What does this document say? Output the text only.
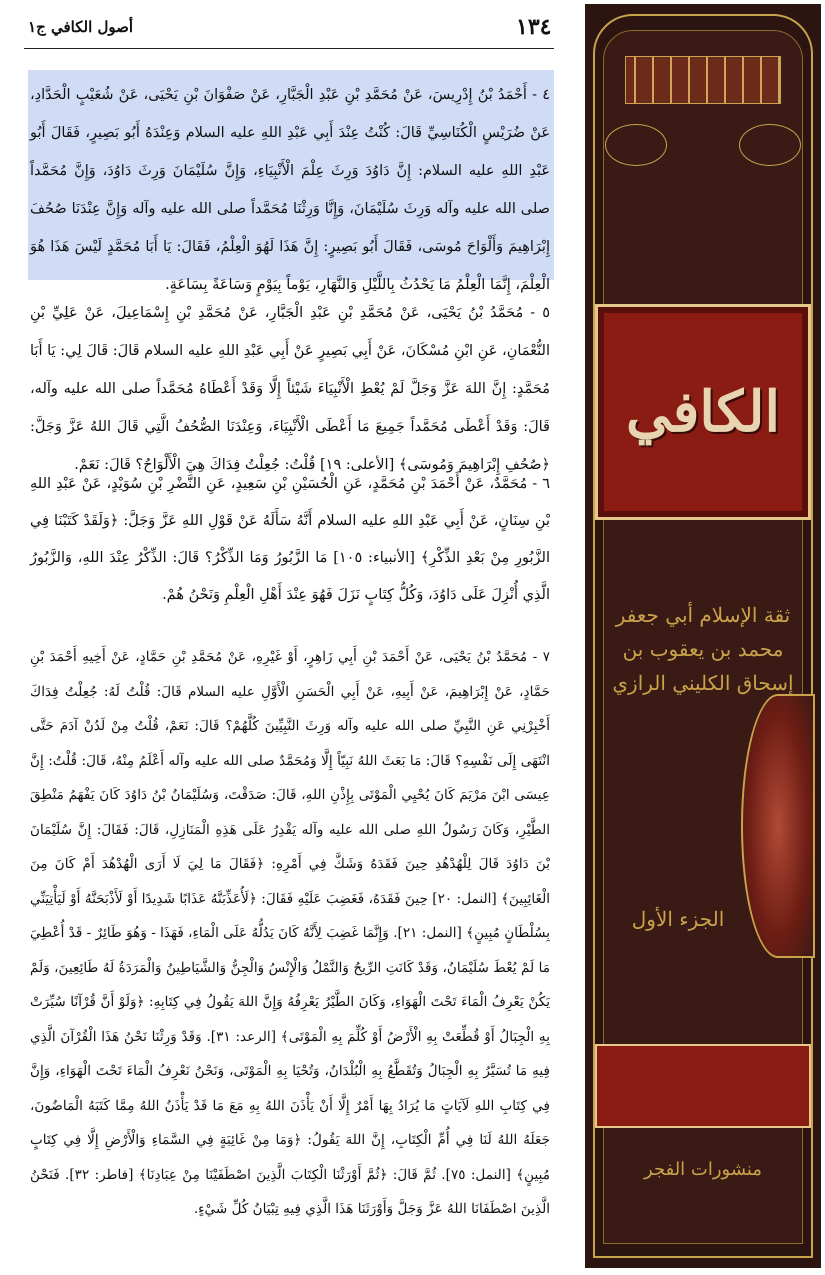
١٣٤
أصول الكافي ج١

٤ - أَحْمَدُ بْنُ إِدْرِيسَ، عَنْ مُحَمَّدِ بْنِ عَبْدِ الْجَبَّارِ، عَنْ صَفْوَانَ بْنِ يَحْيَى، عَنْ شُعَيْبٍ الْحَدَّادِ، عَنْ ضُرَيْسٍ الْكُنَاسِيِّ قَالَ: كُنْتُ عِنْدَ أَبِي عَبْدِ اللهِ عليه السلام وَعِنْدَهُ أَبُو بَصِيرٍ، فَقَالَ أَبُو عَبْدِ اللهِ عليه السلام: إِنَّ دَاوُدَ وَرِثَ عِلْمَ الْأَنْبِيَاءِ، وَإِنَّ سُلَيْمَانَ وَرِثَ دَاوُدَ، وَإِنَّ مُحَمَّداً صلى الله عليه وآله وَرِثَ سُلَيْمَانَ، وَإِنَّا وَرِثْنَا مُحَمَّداً صلى الله عليه وآله وَإِنَّ عِنْدَنَا صُحُفَ إِبْرَاهِيمَ وَأَلْوَاحَ مُوسَى، فَقَالَ أَبُو بَصِيرٍ: إِنَّ هَذَا لَهُوَ الْعِلْمُ، فَقَالَ: يَا أَبَا مُحَمَّدٍ لَيْسَ هَذَا هُوَ الْعِلْمَ، إِنَّمَا الْعِلْمُ مَا يَحْدُثُ بِاللَّيْلِ وَالنَّهَارِ، يَوْماً بِيَوْمٍ وَسَاعَةً بِسَاعَةٍ.

٥ - مُحَمَّدُ بْنُ يَحْيَى، عَنْ مُحَمَّدِ بْنِ عَبْدِ الْجَبَّارِ، عَنْ مُحَمَّدِ بْنِ إِسْمَاعِيلَ، عَنْ عَلِيِّ بْنِ النُّعْمَانِ، عَنِ ابْنِ مُسْكَانَ، عَنْ أَبِي بَصِيرٍ عَنْ أَبِي عَبْدِ اللهِ عليه السلام قَالَ: قَالَ لِي: يَا أَبَا مُحَمَّدٍ: إِنَّ اللهَ عَزَّ وَجَلَّ لَمْ يُعْطِ الْأَنْبِيَاءَ شَيْئاً إِلَّا وَقَدْ أَعْطَاهُ مُحَمَّداً صلى الله عليه وآله، قَالَ: وَقَدْ أَعْطَى مُحَمَّداً جَمِيعَ مَا أَعْطَى الْأَنْبِيَاءَ، وَعِنْدَنَا الصُّحُفُ الَّتِي قَالَ اللهُ عَزَّ وَجَلَّ: ﴿صُحُفِ إِبْرَاهِيمَ وَمُوسَى﴾ [الأعلى: ١٩] قُلْتُ: جُعِلْتُ فِدَاكَ هِيَ الْأَلْوَاحُ؟ قَالَ: نَعَمْ.

٦ - مُحَمَّدٌ، عَنْ أَحْمَدَ بْنِ مُحَمَّدٍ، عَنِ الْحُسَيْنِ بْنِ سَعِيدٍ، عَنِ النَّضْرِ بْنِ سُوَيْدٍ، عَنْ عَبْدِ اللهِ بْنِ سِنَانٍ، عَنْ أَبِي عَبْدِ اللهِ عليه السلام أَنَّهُ سَأَلَهُ عَنْ قَوْلِ اللهِ عَزَّ وَجَلَّ: ﴿وَلَقَدْ كَتَبْنَا فِي الزَّبُورِ مِنْ بَعْدِ الذِّكْرِ﴾ [الأنبياء: ١٠٥] مَا الزَّبُورُ وَمَا الذِّكْرُ؟ قَالَ: الذِّكْرُ عِنْدَ اللهِ، وَالزَّبُورُ الَّذِي أُنْزِلَ عَلَى دَاوُدَ، وَكُلُّ كِتَابٍ نَزَلَ فَهُوَ عِنْدَ أَهْلِ الْعِلْمِ وَنَحْنُ هُمْ.

٧ - مُحَمَّدُ بْنُ يَحْيَى، عَنْ أَحْمَدَ بْنِ أَبِي زَاهِرٍ، أَوْ غَيْرِهِ، عَنْ مُحَمَّدِ بْنِ حَمَّادٍ، عَنْ أَخِيهِ أَحْمَدَ بْنِ حَمَّادٍ، عَنْ إِبْرَاهِيمَ، عَنْ أَبِيهِ، عَنْ أَبِي الْحَسَنِ الْأَوَّلِ عليه السلام قَالَ: قُلْتُ لَهُ: جُعِلْتُ فِدَاكَ أَخْبِرْنِي عَنِ النَّبِيِّ صلى الله عليه وآله وَرِثَ النَّبِيِّينَ كُلَّهُمْ؟ قَالَ: نَعَمْ، قُلْتُ مِنْ لَدُنْ آدَمَ حَتَّى انْتَهَى إِلَى نَفْسِهِ؟ قَالَ: مَا بَعَثَ اللهُ نَبِيّاً إِلَّا وَمُحَمَّدٌ صلى الله عليه وآله أَعْلَمُ مِنْهُ، قَالَ: قُلْتُ: إِنَّ عِيسَى ابْنَ مَرْيَمَ كَانَ يُحْيِي الْمَوْتَى بِإِذْنِ اللهِ، قَالَ: صَدَقْتَ، وَسُلَيْمَانُ بْنُ دَاوُدَ كَانَ يَفْهَمُ مَنْطِقَ الطَّيْرِ، وَكَانَ رَسُولُ اللهِ صلى الله عليه وآله يَقْدِرُ عَلَى هَذِهِ الْمَنَازِلِ، قَالَ: فَقَالَ: إِنَّ سُلَيْمَانَ بْنَ دَاوُدَ قَالَ لِلْهُدْهُدِ حِينَ فَقَدَهُ وَشَكَّ فِي أَمْرِهِ: ﴿فَقَالَ مَا لِيَ لَا أَرَى الْهُدْهُدَ أَمْ كَانَ مِنَ الْغَائِبِينَ﴾ [النمل: ٢٠] حِينَ فَقَدَهُ، فَغَضِبَ عَلَيْهِ فَقَالَ: ﴿لَأُعَذِّبَنَّهُ عَذَابًا شَدِيدًا أَوْ لَأَذْبَحَنَّهُ أَوْ لَيَأْتِيَنِّي بِسُلْطَانٍ مُبِينٍ﴾ [النمل: ٢١]. وَإِنَّمَا غَضِبَ لِأَنَّهُ كَانَ يَدُلُّهُ عَلَى الْمَاءِ، فَهَذَا - وَهُوَ طَائِرٌ - قَدْ أُعْطِيَ مَا لَمْ يُعْطَ سُلَيْمَانُ، وَقَدْ كَانَتِ الرِّيحُ وَالنَّمْلُ وَالْإِنْسُ وَالْجِنُّ وَالشَّيَاطِينُ وَالْمَرَدَةُ لَهُ طَائِعِينَ، وَلَمْ يَكُنْ يَعْرِفُ الْمَاءَ تَحْتَ الْهَوَاءِ، وَكَانَ الطَّيْرُ يَعْرِفُهُ وَإِنَّ اللهَ يَقُولُ فِي كِتَابِهِ: ﴿وَلَوْ أَنَّ قُرْآنًا سُيِّرَتْ بِهِ الْجِبَالُ أَوْ قُطِّعَتْ بِهِ الْأَرْضُ أَوْ كُلِّمَ بِهِ الْمَوْتَى﴾ [الرعد: ٣١]. وَقَدْ وَرِثْنَا نَحْنُ هَذَا الْقُرْآنَ الَّذِي فِيهِ مَا تُسَيَّرُ بِهِ الْجِبَالُ وَتُقَطَّعُ بِهِ الْبُلْدَانُ، وَتُحْيَا بِهِ الْمَوْتَى، وَنَحْنُ نَعْرِفُ الْمَاءَ تَحْتَ الْهَوَاءِ، وَإِنَّ فِي كِتَابِ اللهِ لَآيَاتٍ مَا يُرَادُ بِهَا أَمْرٌ إِلَّا أَنْ يَأْذَنَ اللهُ بِهِ مَعَ مَا قَدْ يَأْذَنُ اللهُ مِمَّا كَتَبَهُ الْمَاضُونَ، جَعَلَهُ اللهُ لَنَا فِي أُمِّ الْكِتَابِ، إِنَّ اللهَ يَقُولُ: ﴿وَمَا مِنْ غَائِبَةٍ فِي السَّمَاءِ وَالْأَرْضِ إِلَّا فِي كِتَابٍ مُبِينٍ﴾ [النمل: ٧٥]. ثُمَّ قَالَ: ﴿ثُمَّ أَوْرَثْنَا الْكِتَابَ الَّذِينَ اصْطَفَيْنَا مِنْ عِبَادِنَا﴾ [فاطر: ٣٢]. فَنَحْنُ الَّذِينَ اصْطَفَانَا اللهُ عَزَّ وَجَلَّ وَأَوْرَثَنَا هَذَا الَّذِي فِيهِ تِبْيَانُ كُلِّ شَيْءٍ.

الكافي
ثقة الإسلام أبي جعفر محمد بن يعقوب بن إسحاق الكليني الرازي
الجزء الأول
منشورات الفجر
